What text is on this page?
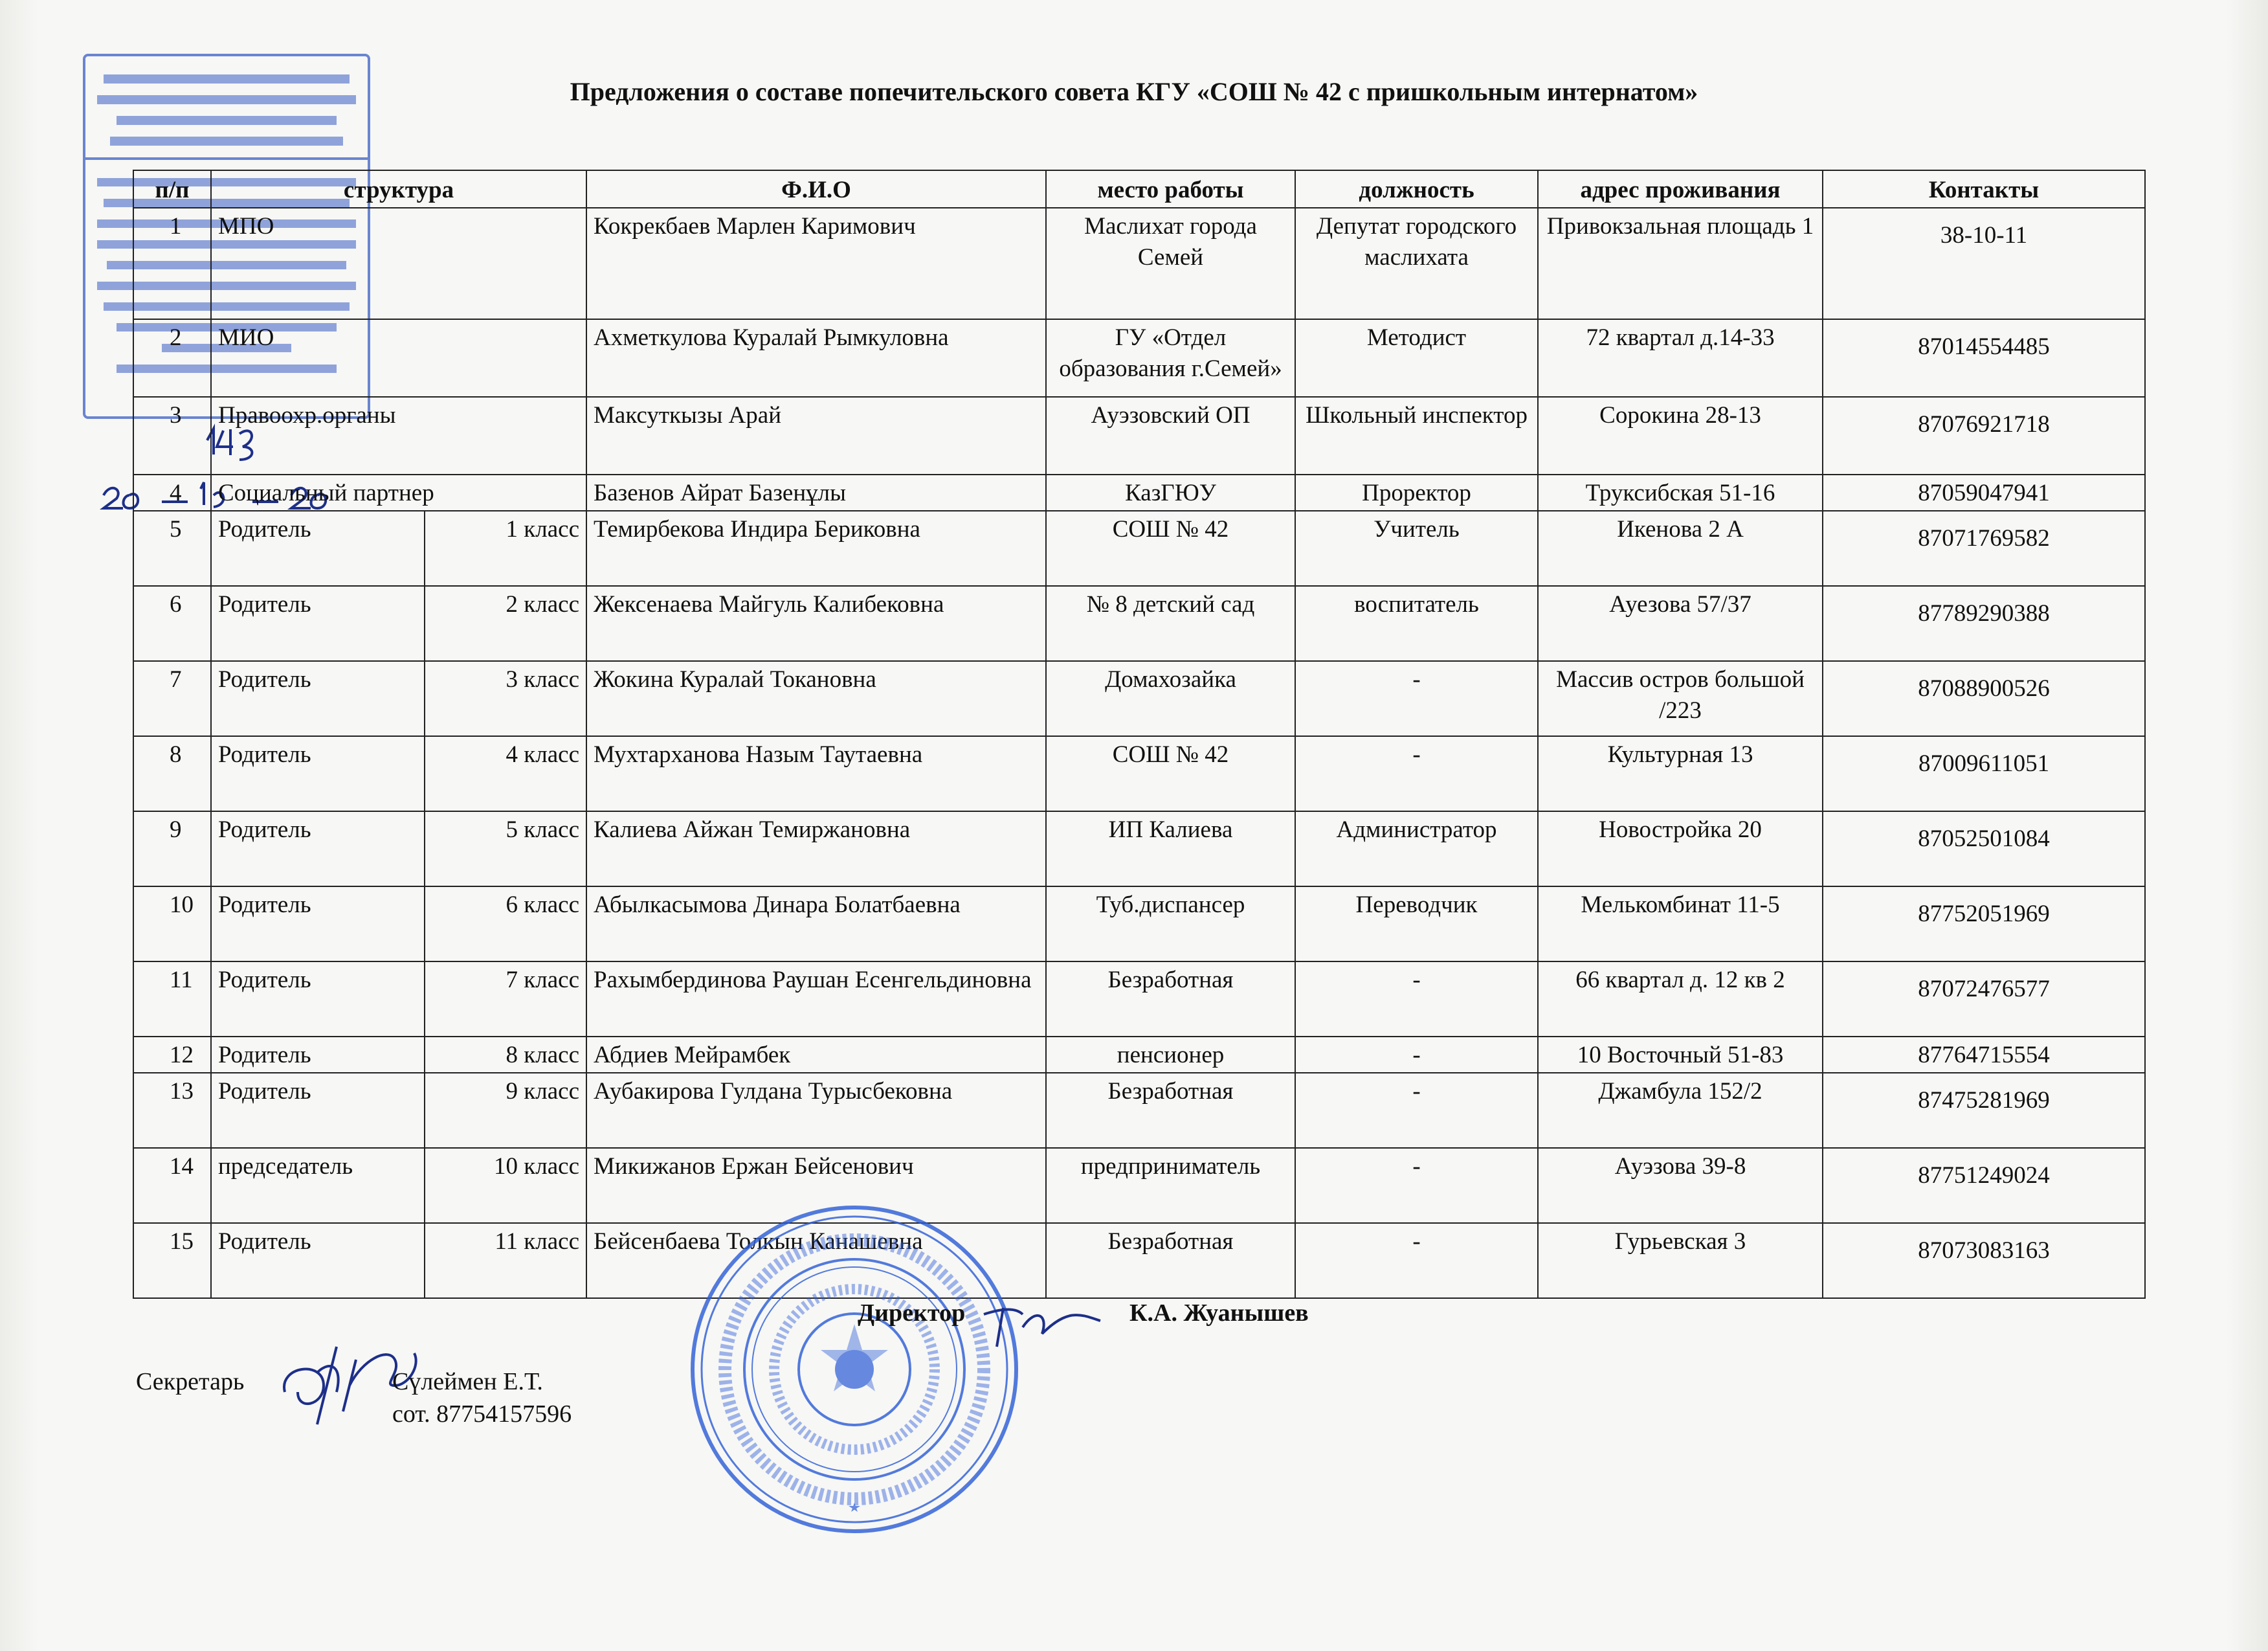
Предложения о составе попечительского совета КГУ «СОШ № 42 с пришкольным интернатом»
п/п	структура		Ф.И.О	место работы	должность	адрес проживания	Контакты
1	МПО		Кокрекбаев Марлен Каримович	Маслихат города Семей	Депутат городского маслихата	Привокзальная площадь 1	38-10-11
2	МИО		Ахметкулова Куралай Рымкуловна	ГУ «Отдел образования г.Семей»	Методист	72 квартал д.14-33	87014554485
3	Правоохр.органы		Максуткызы Арай	Ауэзовский ОП	Школьный инспектор	Сорокина 28-13	87076921718
4	Социальный партнер		Базенов Айрат Базенұлы	КазГЮУ	Проректор	Труксибская 51-16	87059047941
5	Родитель	1 класс	Темирбекова Индира Бериковна	СОШ № 42	Учитель	Икенова 2 А	87071769582
6	Родитель	2 класс	Жексенаева Майгуль Калибековна	№ 8 детский сад	воспитатель	Ауезова 57/37	87789290388
7	Родитель	3 класс	Жокина Куралай Токановна	Домахозайка	-	Массив остров большой /223	87088900526
8	Родитель	4 класс	Мухтарханова Назым Таутаевна	СОШ № 42	-	Культурная 13	87009611051
9	Родитель	5 класс	Калиева Айжан Темиржановна	ИП Калиева	Администратор	Новостройка 20	87052501084
10	Родитель	6 класс	Абылкасымова Динара Болатбаевна	Туб.диспансер	Переводчик	Мелькомбинат 11-5	87752051969
11	Родитель	7 класс	Рахымбердинова Раушан Есенгельдиновна	Безработная	-	66 квартал д. 12 кв 2	87072476577
12	Родитель	8 класс	Абдиев Мейрамбек	пенсионер	-	10 Восточный 51-83	87764715554
13	Родитель	9 класс	Аубакирова Гулдана Турысбековна	Безработная	-	Джамбула 152/2	87475281969
14	председатель	10 класс	Микижанов Ержан Бейсенович	предприниматель	-	Ауэзова 39-8	87751249024
15	Родитель	11 класс	Бейсенбаева Толкын Канашевна	Безработная	-	Гурьевская 3	87073083163
Директор	К.А. Жуанышев
Секретарь	Сүлеймен Е.Т.
сот. 87754157596
